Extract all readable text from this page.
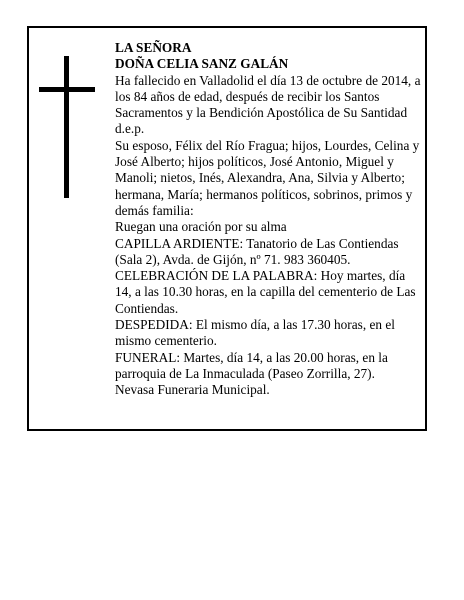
LA SEÑORA

DOÑA CELIA SANZ GALÁN

Ha fallecido en Valladolid el día 13 de octubre de 2014, a los 84 años de edad, después de recibir los Santos Sacramentos y la Bendición Apostólica de Su Santidad d.e.p.

Su esposo, Félix del Río Fragua; hijos, Lourdes, Celina y José Alberto; hijos políticos, José Antonio, Miguel y Manoli; nietos, Inés, Alexandra, Ana, Silvia y Alberto; hermana, María; hermanos políticos, sobrinos, primos y demás familia:

Ruegan una oración por su alma

CAPILLA ARDIENTE: Tanatorio de Las Contiendas (Sala 2), Avda. de Gijón, nº 71. 983 360405.

CELEBRACIÓN DE LA PALABRA: Hoy martes, día 14, a las 10.30 horas, en la capilla del cementerio de Las Contiendas.

DESPEDIDA: El mismo día, a las 17.30 horas, en el mismo cementerio.

FUNERAL: Martes, día 14, a las 20.00 horas, en la parroquia de La Inmaculada (Paseo Zorrilla, 27).

Nevasa Funeraria Municipal.
